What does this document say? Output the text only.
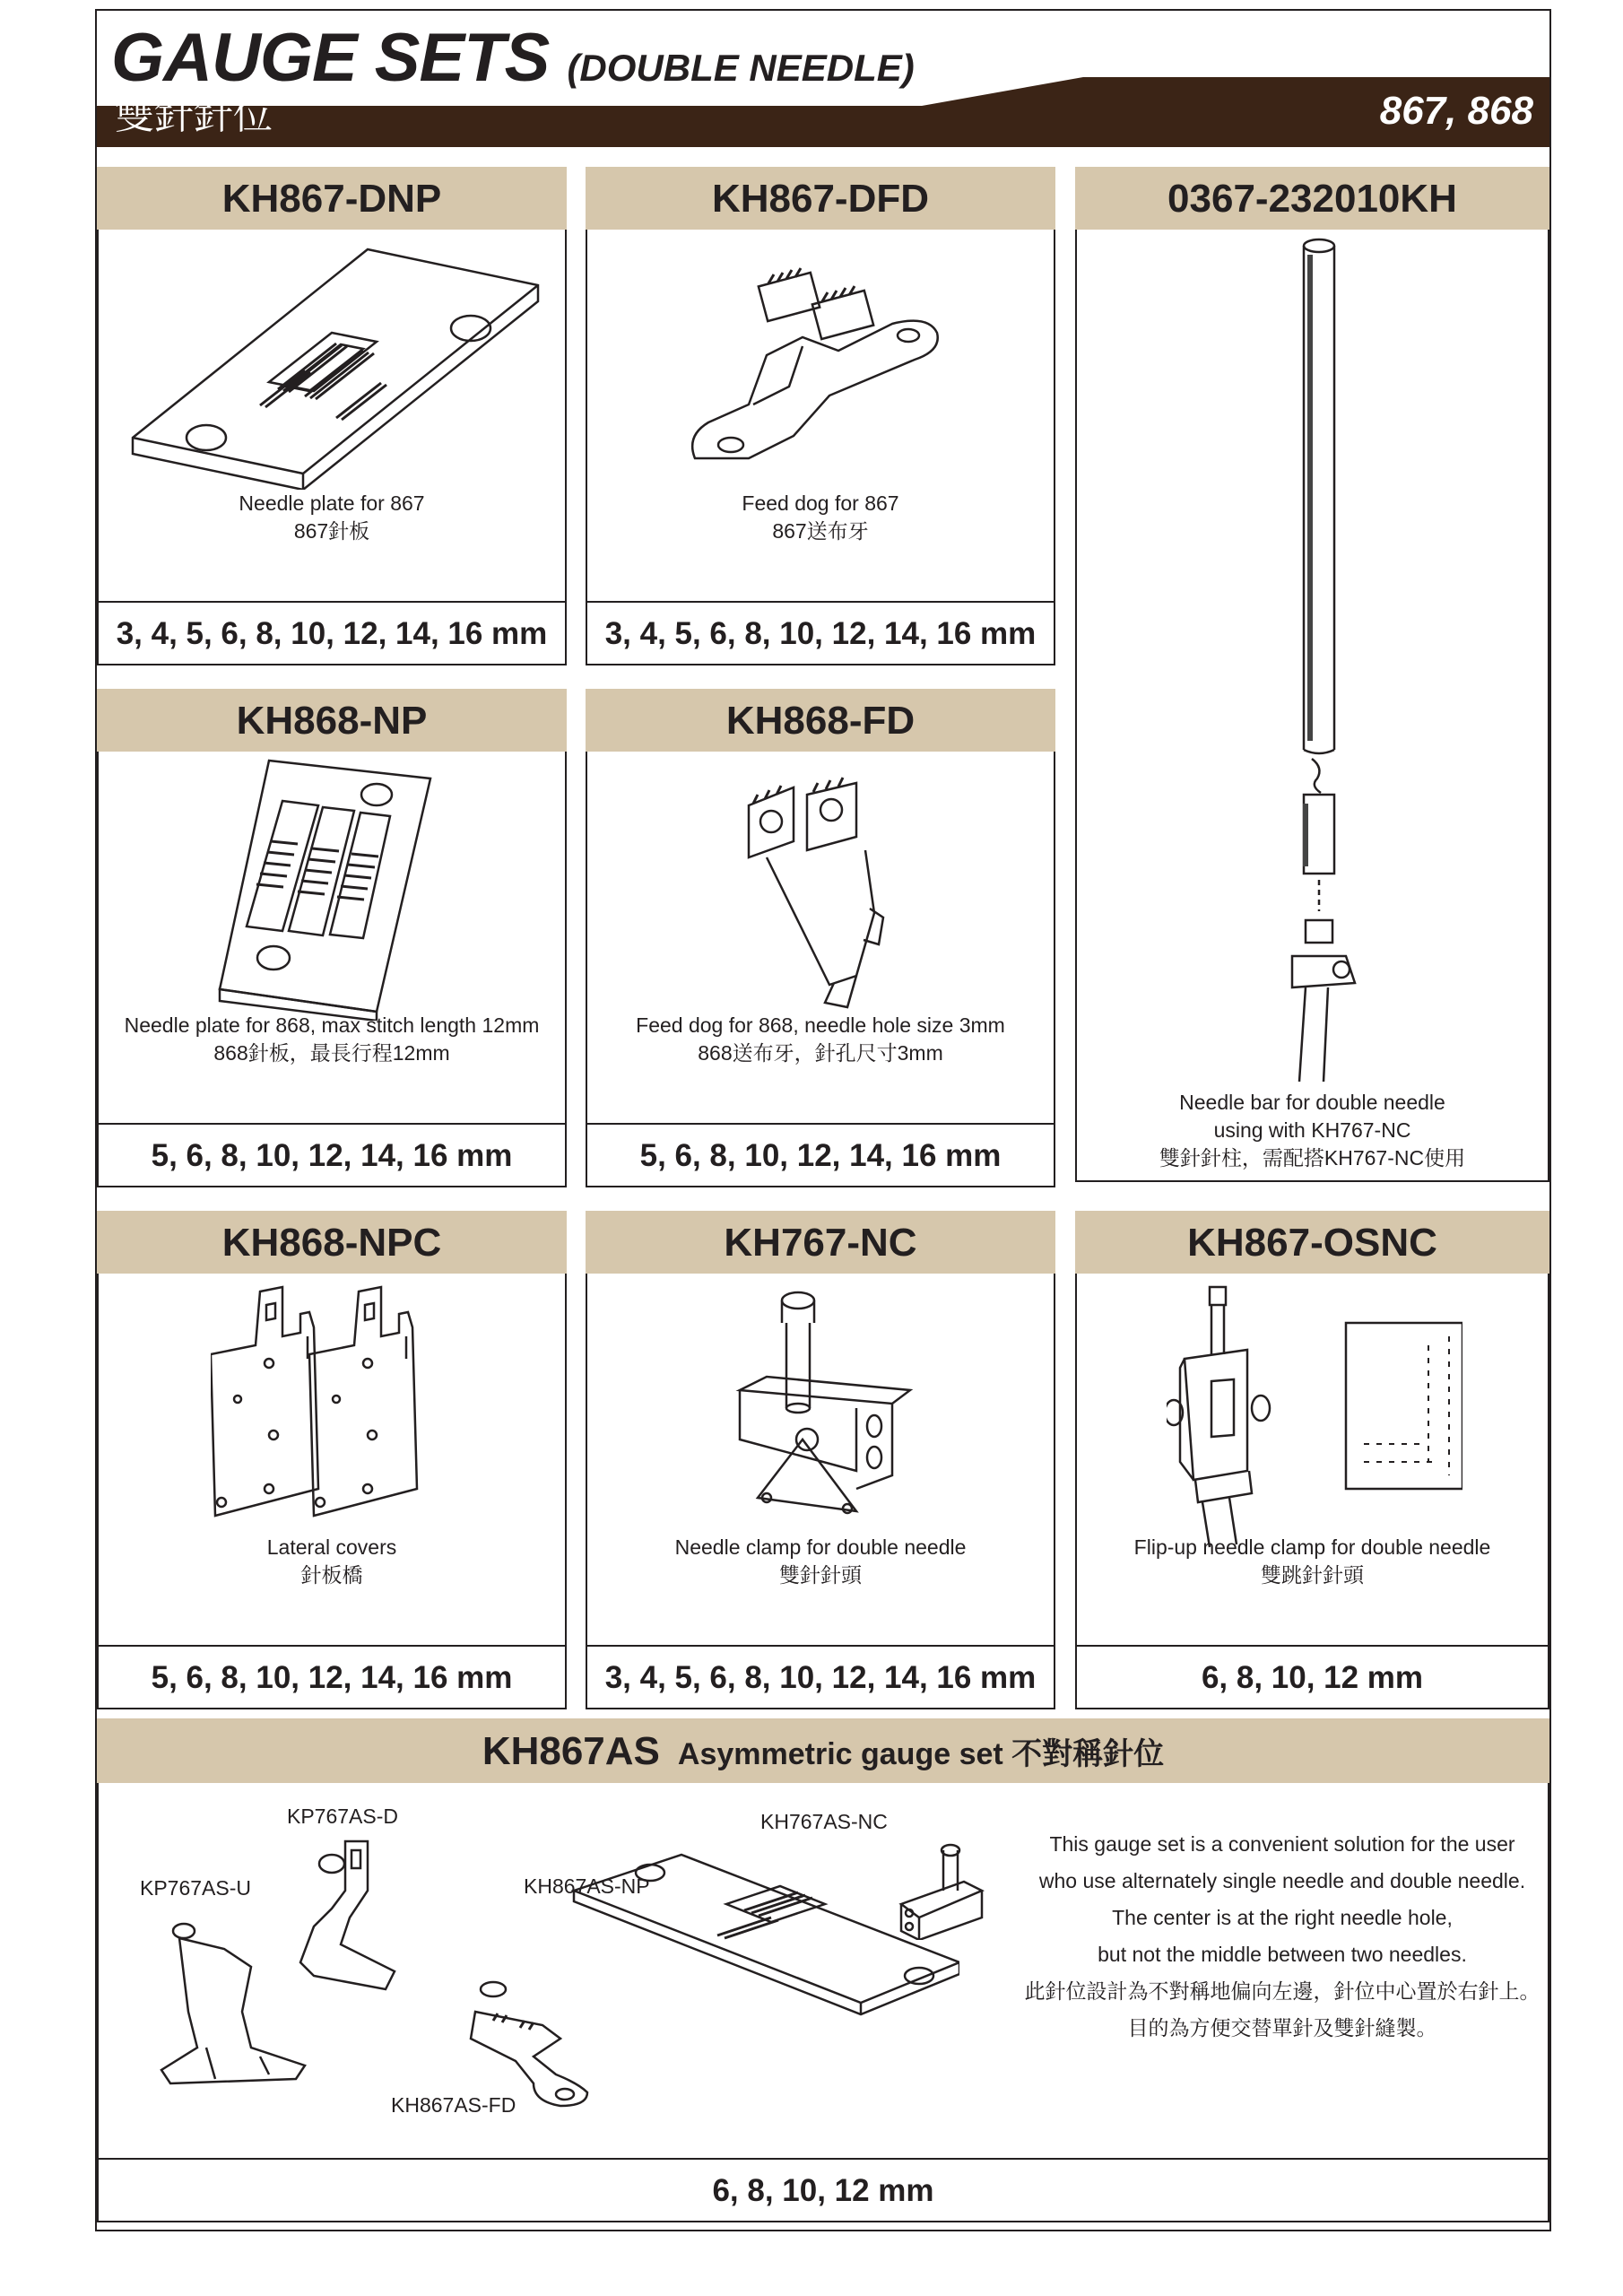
GAUGE SETS (DOUBLE NEEDLE)
雙針針位	867, 868
KH867-DNP
Needle plate for 867
867針板
3, 4, 5, 6, 8, 10, 12, 14, 16 mm
KH867-DFD
Feed dog for 867
867送布牙
3, 4, 5, 6, 8, 10, 12, 14, 16 mm
0367-232010KH
Needle bar for double needle
using with KH767-NC
雙針針柱，需配搭KH767-NC使用
KH868-NP
Needle plate for 868, max stitch length 12mm
868針板，最長行程12mm
5, 6, 8, 10, 12, 14, 16 mm
KH868-FD
Feed dog for 868, needle hole size 3mm
868送布牙，針孔尺寸3mm
5, 6, 8, 10, 12, 14, 16 mm
KH868-NPC
Lateral covers
針板橋
5, 6, 8, 10, 12, 14, 16 mm
KH767-NC
Needle clamp for double needle
雙針針頭
3, 4, 5, 6, 8, 10, 12, 14, 16 mm
KH867-OSNC
Flip-up needle clamp for double needle
雙跳針針頭
6, 8, 10, 12 mm
KH867AS Asymmetric gauge set 不對稱針位
KP767AS-D
KP767AS-U	KH867AS-NP
KH767AS-NC
KH867AS-FD
This gauge set is a convenient solution for the user
who use alternately single needle and double needle.
The center is at the right needle hole,
but not the middle between two needles.
此針位設計為不對稱地偏向左邊，針位中心置於右針上。
目的為方便交替單針及雙針縫製。
6, 8, 10, 12 mm
